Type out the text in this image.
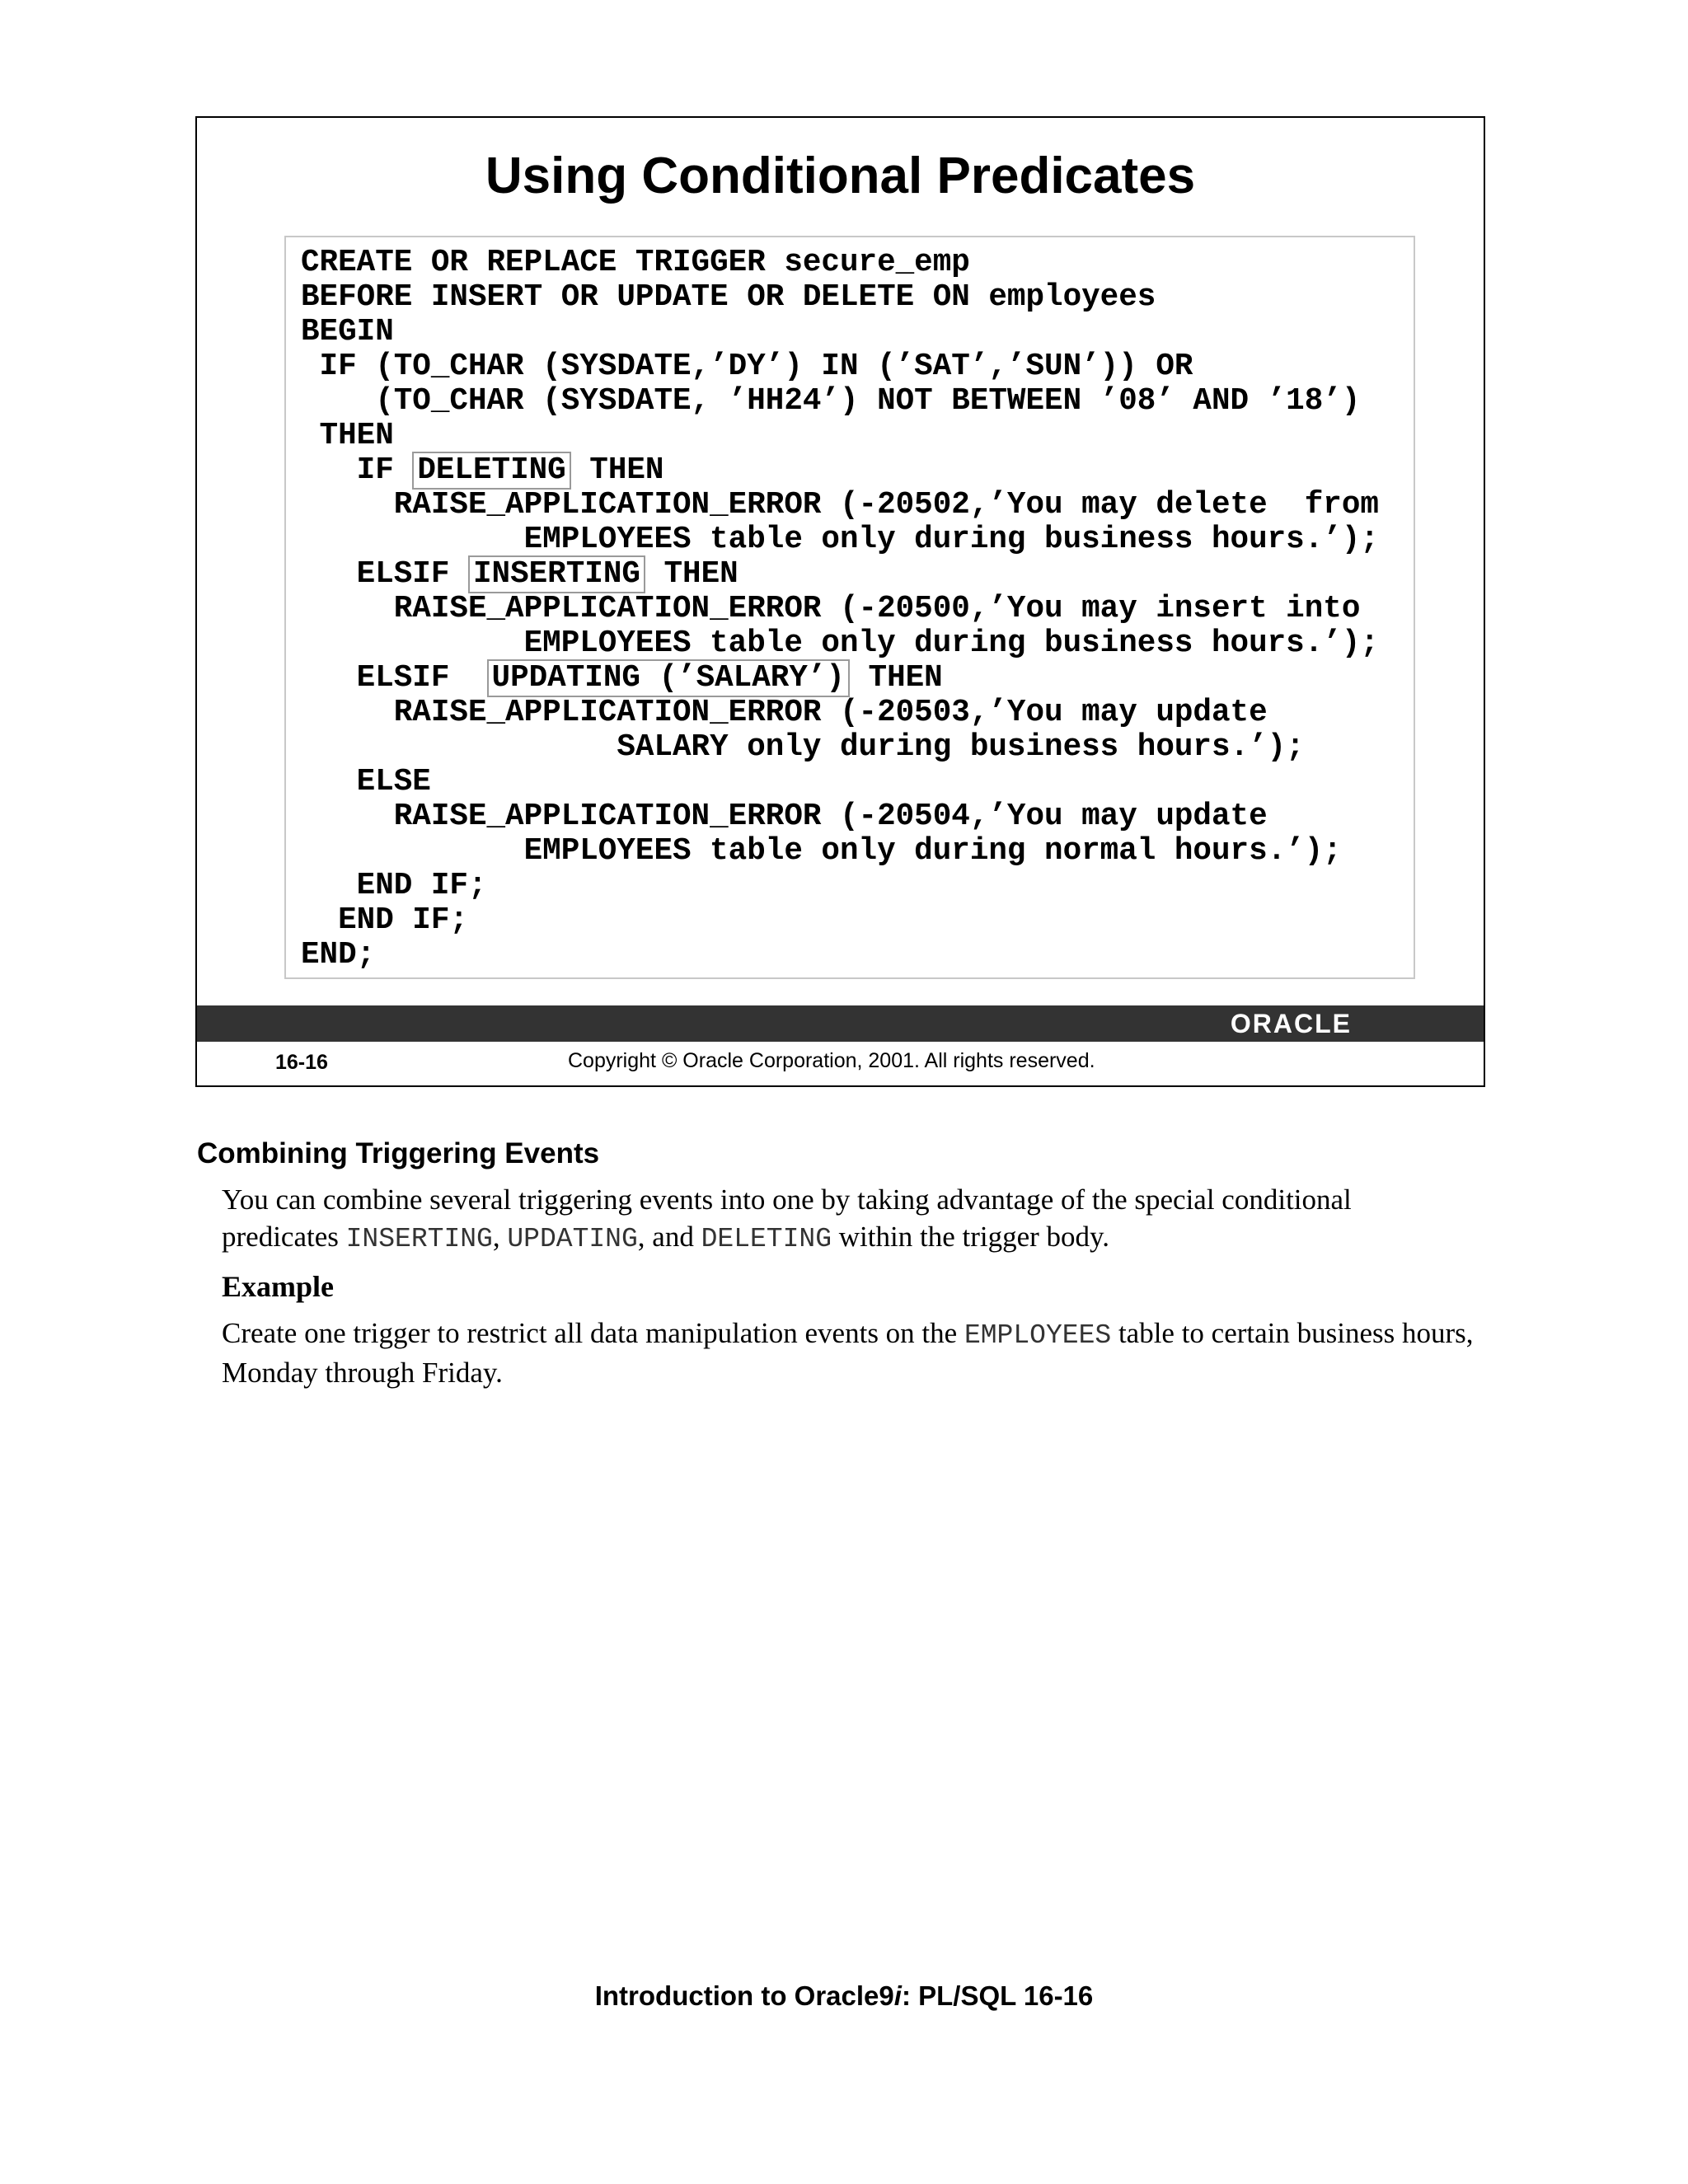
Using Conditional Predicates
CREATE OR REPLACE TRIGGER secure_emp
BEFORE INSERT OR UPDATE OR DELETE ON employees
BEGIN
IF (TO_CHAR (SYSDATE,’DY’) IN (’SAT’,’SUN’)) OR
(TO_CHAR (SYSDATE, ’HH24’) NOT BETWEEN ’08’ AND ’18’)
THEN
IF DELETING THEN
RAISE_APPLICATION_ERROR (-20502,’You may delete  from
EMPLOYEES table only during business hours.’);
ELSIF INSERTING THEN
RAISE_APPLICATION_ERROR (-20500,’You may insert into
EMPLOYEES table only during business hours.’);
ELSIF  UPDATING (’SALARY’) THEN
RAISE_APPLICATION_ERROR (-20503,’You may update
SALARY only during business hours.’);
ELSE
RAISE_APPLICATION_ERROR (-20504,’You may update
EMPLOYEES table only during normal hours.’);
END IF;
END IF;
END;
ORACLE
16-16	Copyright © Oracle Corporation, 2001. All rights reserved.
Combining Triggering Events

You can combine several triggering events into one by taking advantage of the special conditional predicates INSERTING, UPDATING, and DELETING within the trigger body.

Example

Create one trigger to restrict all data manipulation events on the EMPLOYEES table to certain business hours, Monday through Friday.

Introduction to Oracle9i: PL/SQL 16-16
